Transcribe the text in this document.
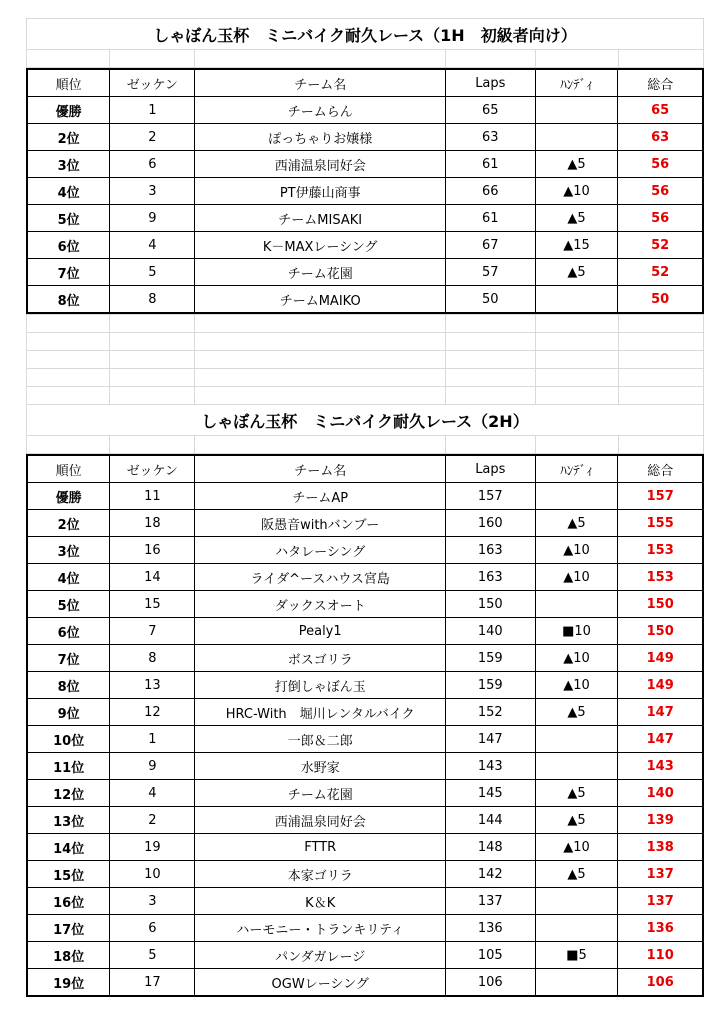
しゃぼん玉杯　ミニバイク耐久レース（1H　初級者向け）

順位	ゼッケン	チーム名	Laps	ﾊﾝﾃﾞｨ	総合
優勝	1	チームらん	65		65
2位	2	ぽっちゃりお嬢様	63		63
3位	6	西浦温泉同好会	61	▲5	56
4位	3	PT伊藤山商事	66	▲10	56
5位	9	チームMISAKI	61	▲5	56
6位	4	K－MAXレーシング	67	▲15	52
7位	5	チーム花園	57	▲5	52
8位	8	チームMAIKO	50		50

しゃぼん玉杯　ミニバイク耐久レース（2H）					

順位	ゼッケン	チーム名	Laps	ﾊﾝﾃﾞｨ	総合
優勝	11	チームAP	157		157
2位	18	阪愚音withバンブー	160	▲5	155
3位	16	ハタレーシング	163	▲10	153
4位	14	ライダ^ースハウス宮島	163	▲10	153
5位	15	ダックスオート	150		150
6位	7	Pealy1	140	■10	150
7位	8	ボスゴリラ	159	▲10	149
8位	13	打倒しゃぼん玉	159	▲10	149
9位	12	HRC-With　堀川レンタルバイク	152	▲5	147
10位	1	一郎＆二郎	147		147
11位	9	水野家	143		143
12位	4	チーム花園	145	▲5	140
13位	2	西浦温泉同好会	144	▲5	139
14位	19	FTTR	148	▲10	138
15位	10	本家ゴリラ	142	▲5	137
16位	3	K＆K	137		137
17位	6	ハーモニー・トランキリティ	136		136
18位	5	パンダガレージ	105	■5	110
19位	17	OGWレーシング	106		106
